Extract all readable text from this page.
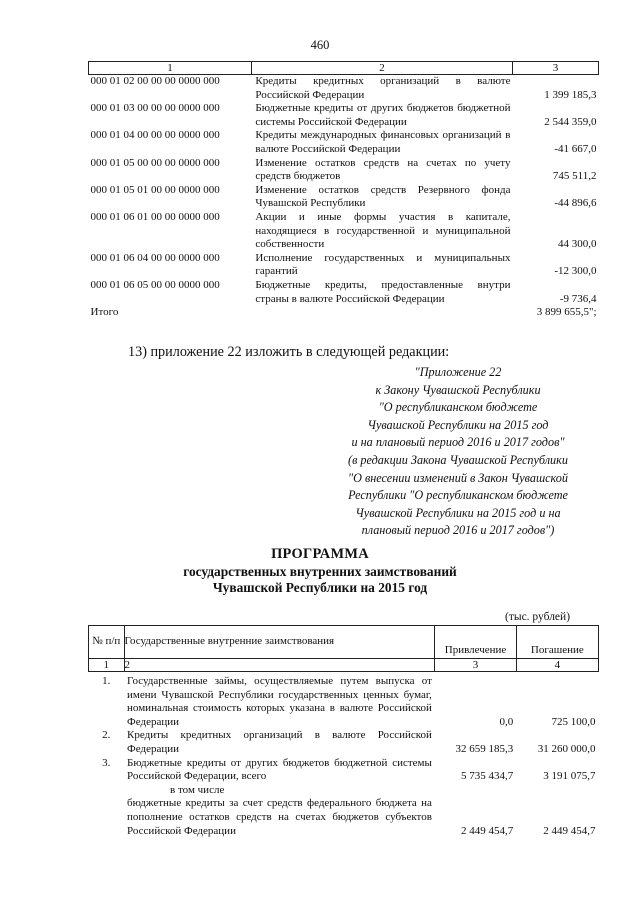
460
1	2	3
000 01 02 00 00 00 0000 000	Кредиты кредитных организаций в валюте Российской Федерации	1 399 185,3
000 01 03 00 00 00 0000 000	Бюджетные кредиты от других бюджетов бюджетной системы Российской Федерации	2 544 359,0
000 01 04 00 00 00 0000 000	Кредиты международных финансовых организаций в валюте Российской Федерации	-41 667,0
000 01 05 00 00 00 0000 000	Изменение остатков средств на счетах по учету средств бюджетов	745 511,2
000 01 05 01 00 00 0000 000	Изменение остатков средств Резервного фонда Чувашской Республики	-44 896,6
000 01 06 01 00 00 0000 000	Акции и иные формы участия в капитале, находящиеся в государственной и муниципальной собственности	44 300,0
000 01 06 04 00 00 0000 000	Исполнение государственных и муниципальных гарантий	-12 300,0
000 01 06 05 00 00 0000 000	Бюджетные кредиты, предоставленные внутри страны в валюте Российской Федерации	-9 736,4
Итого		3 899 655,5";
13) приложение 22 изложить в следующей редакции:
"Приложение 22
к Закону Чувашской Республики
"О республиканском бюджете
Чувашской Республики на 2015 год
и на плановый период 2016 и 2017 годов"
(в редакции Закона Чувашской Республики
"О внесении изменений в Закон Чувашской
Республики "О республиканском бюджете
Чувашской Республики на 2015 год и на
плановый период 2016 и 2017 годов")
ПРОГРАММА
государственных внутренних заимствований
Чувашской Республики на 2015 год
(тыс. рублей)
№ п/п	Государственные внутренние заимствования	Привлечение	Погашение
1	2	3	4
1.	Государственные займы, осуществляемые путем выпуска от имени Чувашской Республики государственных ценных бумаг, номинальная стоимость которых указана в валюте Российской Федерации	0,0	725 100,0
2.	Кредиты кредитных организаций в валюте Российской Федерации	32 659 185,3	31 260 000,0
3.	Бюджетные кредиты от других бюджетов бюджетной системы Российской Федерации, всего	5 735 434,7	3 191 075,7
	в том числе		
	бюджетные кредиты за счет средств федерального бюджета на пополнение остатков средств на счетах бюджетов субъектов Российской Федерации	2 449 454,7	2 449 454,7
